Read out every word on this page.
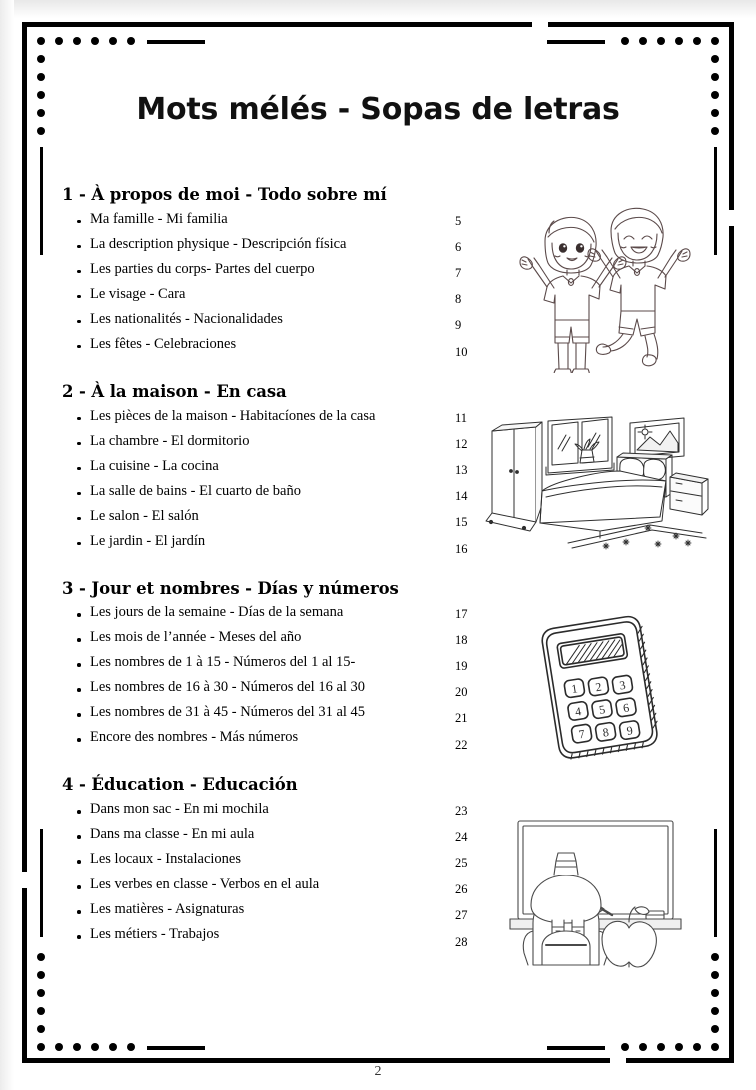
Mots mélés - Sopas de letras
1 - À propos de moi - Todo sobre mí
Ma famille - Mi familia	5
La description physique - Descripción física	6
Les parties du corps- Partes del cuerpo	7
Le visage - Cara	8
Les nationalités - Nacionalidades	9
Les fêtes - Celebraciones	10
2 - À la maison - En casa
Les pièces de la maison - Habitacíones de la casa	11
La chambre - El dormitorio	12
La cuisine - La cocina	13
La salle de bains - El cuarto de baño	14
Le salon - El salón	15
Le jardin - El jardín	16
3 - Jour et nombres - Días y números
Les jours de la semaine - Días de la semana	17
Les mois de l’année - Meses del año	18
Les nombres de 1 à 15 - Números del 1 al 15-	19
Les nombres de 16 à 30 - Números del 16 al 30	20
Les nombres de 31 à 45 - Números del 31 al 45	21
Encore des nombres - Más números	22
4 - Éducation - Educación
Dans mon sac - En mi mochila	23
Dans ma classe - En mi aula	24
Les locaux - Instalaciones	25
Les verbes en classe - Verbos en el aula	26
Les matières - Asignaturas	27
Les métiers - Trabajos	28
1 2 3
4 5 6
7 8 9
2
